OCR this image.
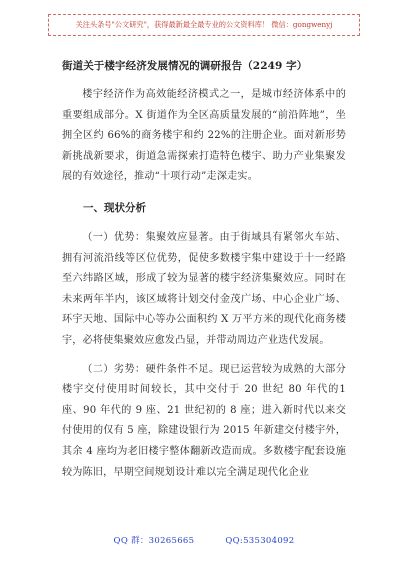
关注头条号"公文研究"，获得最新最全最专业的公文资料库！ 微信：gongwenyj

街道关于楼宇经济发展情况的调研报告（2249 字）

楼宇经济作为高效能经济模式之一，是城市经济体系中的重要组成部分。X 街道作为全区高质量发展的“前沿阵地”，坐拥全区约 66%的商务楼宇和约 22%的注册企业。面对新形势新挑战新要求，街道急需探索打造特色楼宇、助力产业集聚发展的有效途径，推动“十项行动”走深走实。

一、现状分析

（一）优势：集聚效应显著。由于街域具有紧邻火车站、拥有河流沿线等区位优势，促使多数楼宇集中建设于十一经路至六纬路区域，形成了较为显著的楼宇经济集聚效应。同时在未来两年半内，该区域将计划交付金茂广场、中心企业广场、环宇天地、国际中心等办公面积约 X 万平方米的现代化商务楼宇，必将使集聚效应愈发凸显，并带动周边产业迭代发展。

（二）劣势：硬件条件不足。现已运营较为成熟的大部分楼宇交付使用时间较长，其中交付于 20 世纪 80 年代的1 座、90 年代的 9 座、21 世纪初的 8 座；进入新时代以来交付使用的仅有 5 座，除建设银行为 2015 年新建交付楼宇外，其余 4 座均为老旧楼宇整体翻新改造而成。多数楼宇配套设施较为陈旧，早期空间规划设计难以完全满足现代化企业

QQ 群：30265665	QQ:535304092
